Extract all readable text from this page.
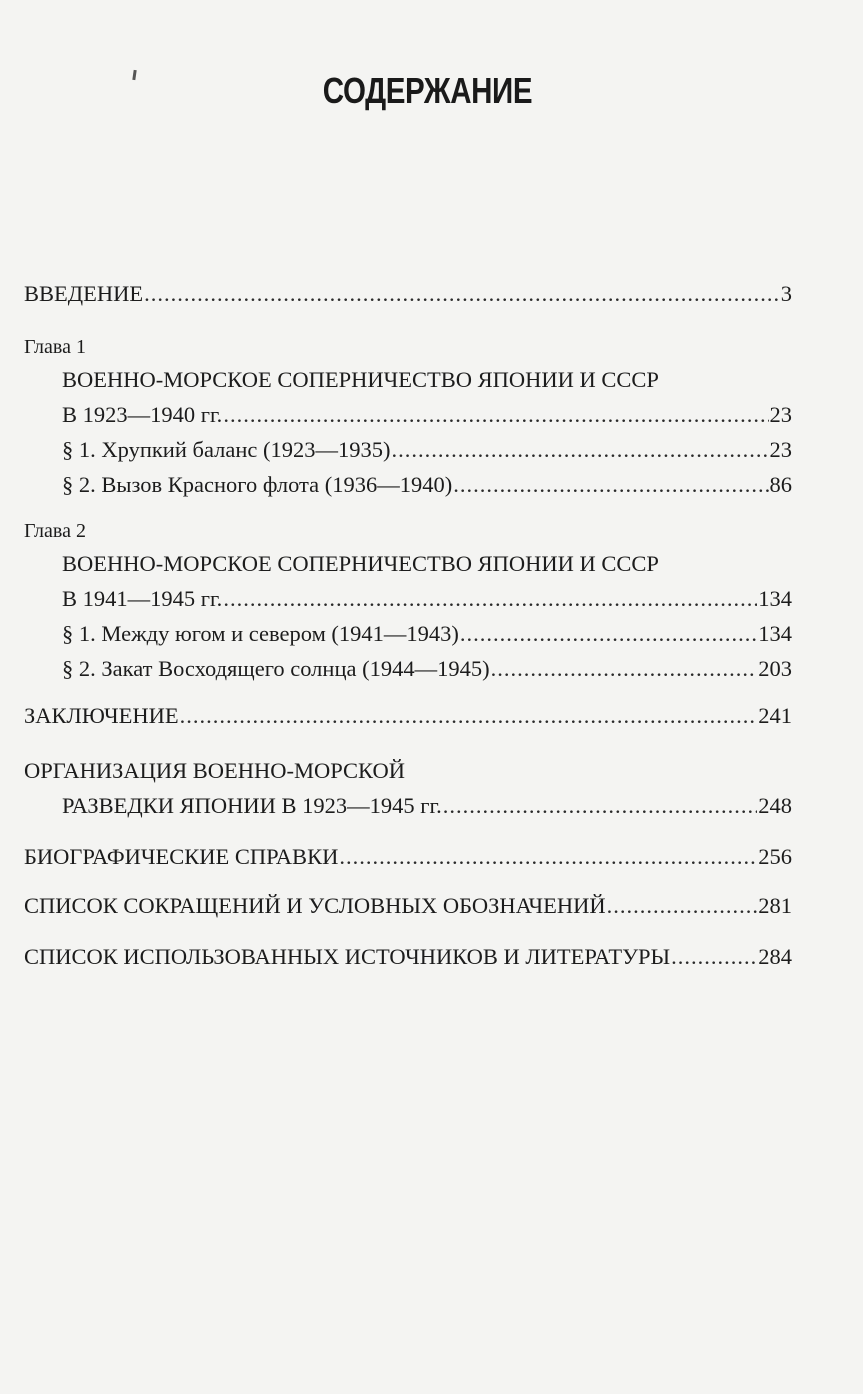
СОДЕРЖАНИЕ
ВВЕДЕНИЕ .....	3
Глава 1
ВОЕННО-МОРСКОЕ СОПЕРНИЧЕСТВО ЯПОНИИ И СССР
В 1923—1940 гг. .....	23
§ 1. Хрупкий баланс (1923—1935) .....	23
§ 2. Вызов Красного флота (1936—1940) .....	86
Глава 2
ВОЕННО-МОРСКОЕ СОПЕРНИЧЕСТВО ЯПОНИИ И СССР
В 1941—1945 гг. .....	134
§ 1. Между югом и севером (1941—1943) .....	134
§ 2. Закат Восходящего солнца (1944—1945) .....	203
ЗАКЛЮЧЕНИЕ .....	241
ОРГАНИЗАЦИЯ ВОЕННО-МОРСКОЙ
РАЗВЕДКИ ЯПОНИИ В 1923—1945 гг. .....	248
БИОГРАФИЧЕСКИЕ СПРАВКИ .....	256
СПИСОК СОКРАЩЕНИЙ И УСЛОВНЫХ ОБОЗНАЧЕНИЙ .....	281
СПИСОК ИСПОЛЬЗОВАННЫХ ИСТОЧНИКОВ И ЛИТЕРАТУРЫ .....	284
